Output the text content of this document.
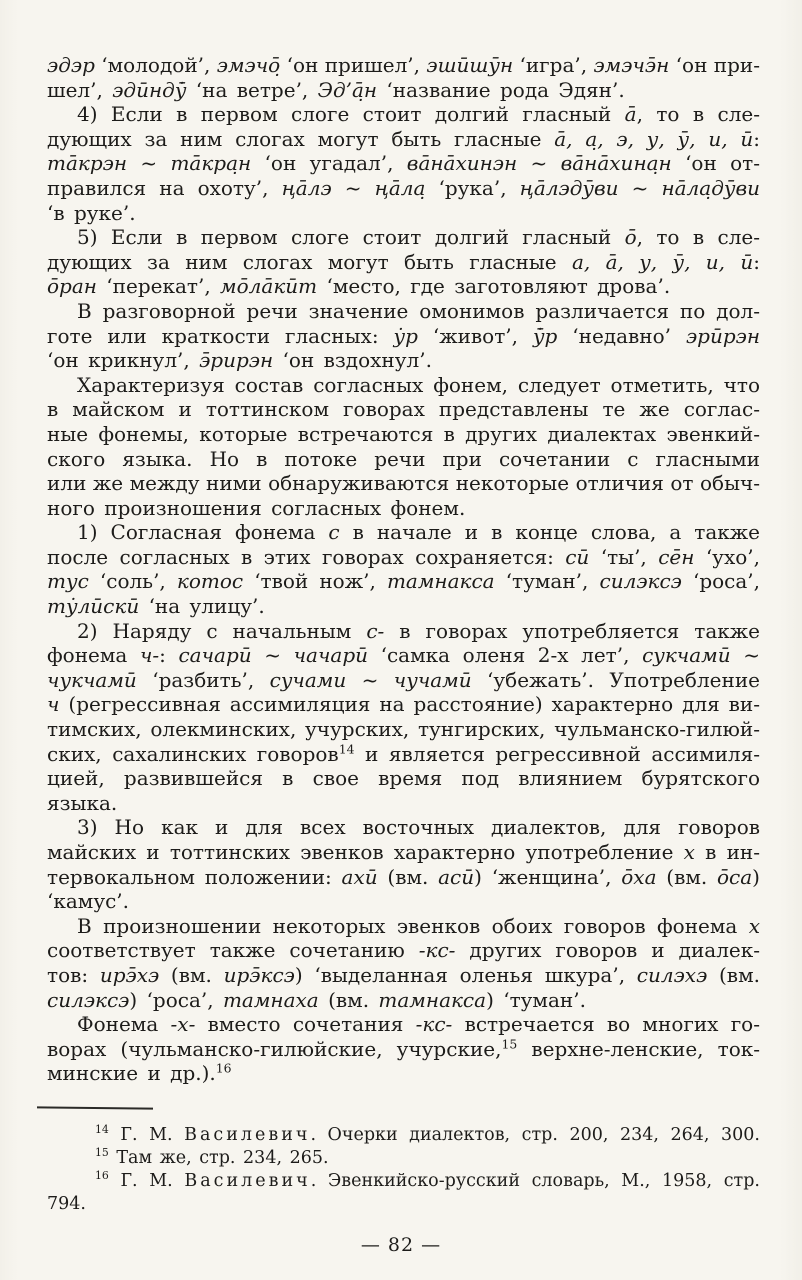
эдэр ‘молодой’, эмэчо̣̄ ‘он пришел’, эшӣшӯн ‘игра’, эмэчэ̄н ‘он при-
шел’, эдӣндӯ̇ ‘на ветре’, Эд’а̣̄н ‘название рода Эдян’.
4) Если в первом слоге стоит долгий гласный а̄, то в сле-
дующих за ним слогах могут быть гласные а̄, а̣, э, у, ӯ, и, ӣ:
та̄крэн ~ та̄кра̣н ‘он угадал’, ва̄на̄хинэн ~ ва̄на̄хина̣н ‘он от-
правился на охоту’, ңа̄лэ ~ ңа̄ла̣ ‘рука’, ңа̄лэдӯви ~ на̄ла̣дӯви
‘в руке’.
5) Если в первом слоге стоит долгий гласный о̄, то в сле-
дующих за ним слогах могут быть гласные а, а̄, у, ӯ, и, ӣ:
о̄ран ‘перекат’, мо̄ла̄кӣт ‘место, где заготовляют дрова’.
В разговорной речи значение омонимов различается по дол-
готе или краткости гласных: у̇р ‘живот’, ӯ̇р ‘недавно’ эрӣрэн
‘он крикнул’, э̄рирэн ‘он вздохнул’.
Характеризуя состав согласных фонем, следует отметить, что
в майском и тоттинском говорах представлены те же соглас-
ные фонемы, которые встречаются в других диалектах эвенкий-
ского языка. Но в потоке речи при сочетании с гласными
или же между ними обнаруживаются некоторые отличия от обыч-
ного произношения согласных фонем.
1) Согласная фонема с в начале и в конце слова, а также
после согласных в этих говорах сохраняется: сӣ ‘ты’, се̄н ‘ухо’,
тус ‘соль’, котос ‘твой нож’, тамнакса ‘туман’, силэксэ ‘роса’,
ту̇лӣскӣ ‘на улицу’.
2) Наряду с начальным с- в говорах употребляется также
фонема ч-: сачарӣ ~ чачарӣ ‘самка оленя 2-х лет’, сукчамӣ ~
чукчамӣ ‘разбить’, сучами ~ чучамӣ ‘убежать’. Употребление
ч (регрессивная ассимиляция на расстояние) характерно для ви-
тимских, олекминских, учурских, тунгирских, чульманско-гилюй-
ских, сахалинских говоров$^{14}$ и является регрессивной ассимиля-
цией, развившейся в свое время под влиянием бурятского
языка.
3) Но как и для всех восточных диалектов, для говоров
майских и тоттинских эвенков характерно употребление х в ин-
тервокальном положении: ахӣ (вм. асӣ) ‘женщина’, о̄ха (вм. о̄са)
‘камус’.
В произношении некоторых эвенков обоих говоров фонема х
соответствует также сочетанию -кс- других говоров и диалек-
тов: ирэ̄хэ (вм. ирэ̄ксэ) ‘выделанная оленья шкура’, силэхэ (вм.
силэксэ) ‘роса’, тамнаха (вм. тамнакса) ‘туман’.
Фонема -х- вместо сочетания -кс- встречается во многих го-
ворах (чульманско-гилюйские, учурские,$^{15}$ верхне-ленские, ток-
минские и др.).$^{16}$
$^{14}$ Г. М. Василевич. Очерки диалектов, стр. 200, 234, 264, 300.
$^{15}$ Там же, стр. 234, 265.
$^{16}$ Г. М. Василевич. Эвенкийско-русский словарь, М., 1958, стр.
794.
— 82 —
